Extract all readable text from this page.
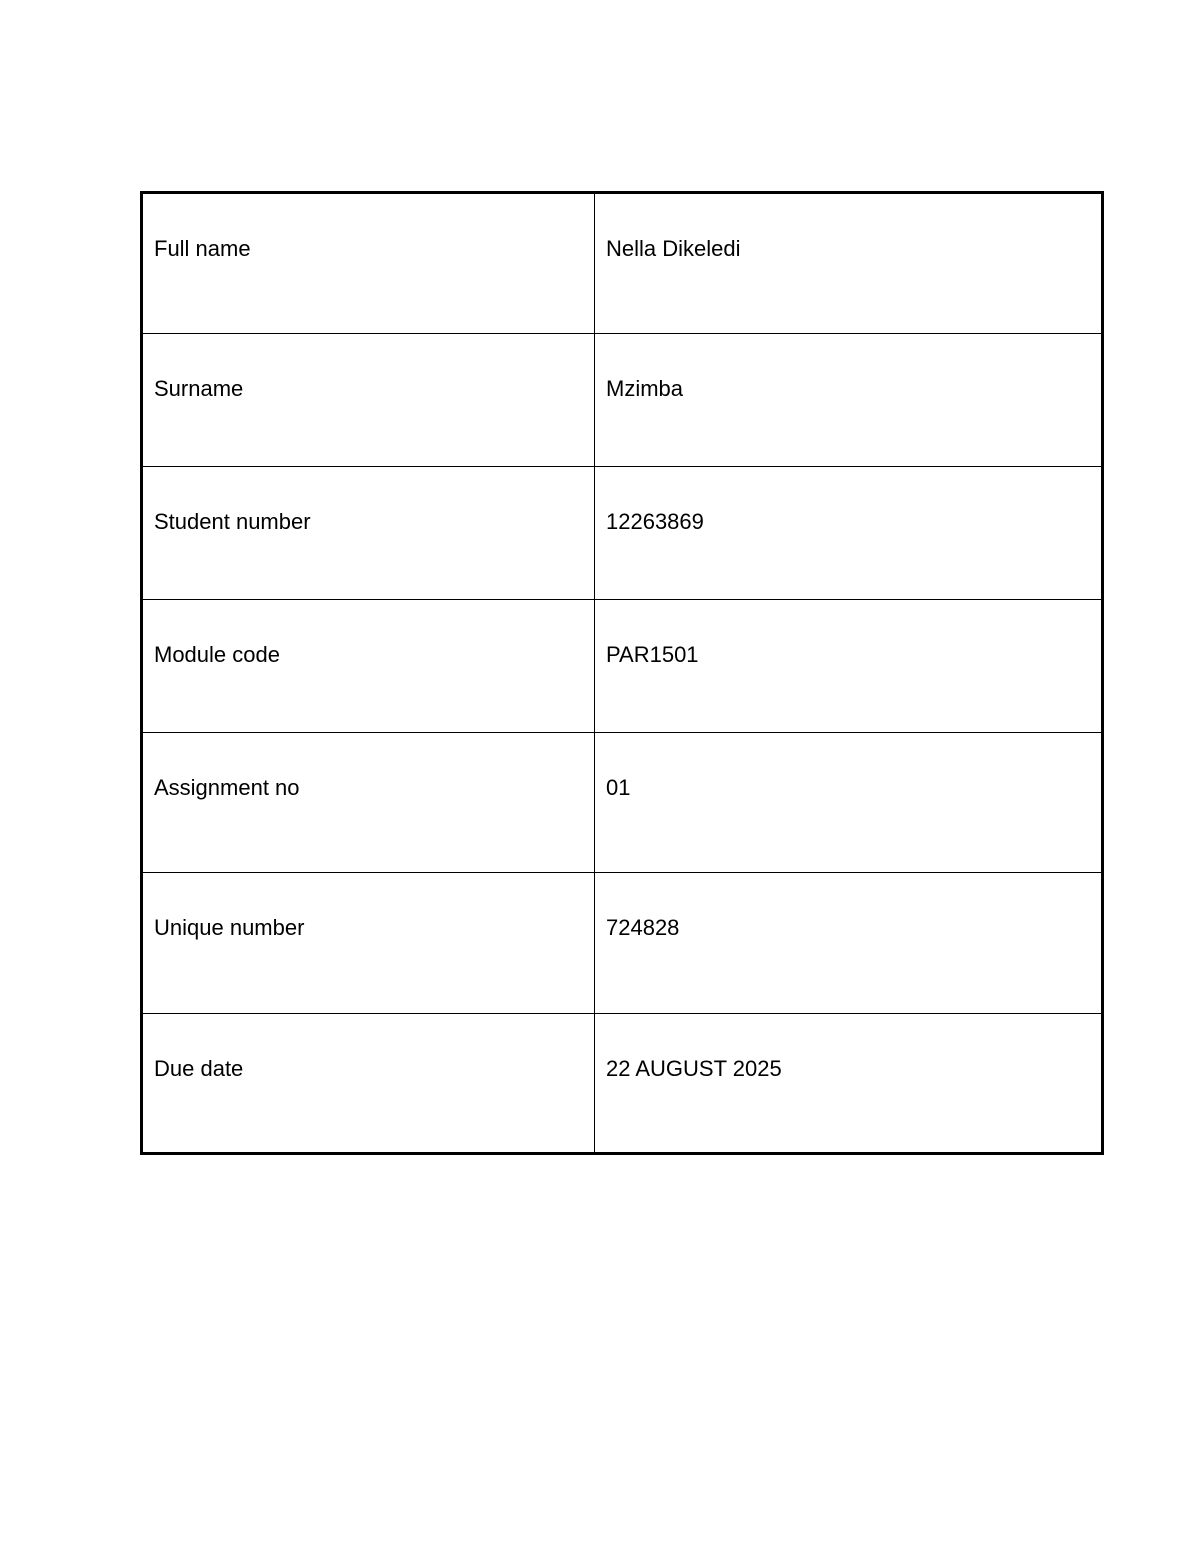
Full name	Nella Dikeledi
Surname	Mzimba
Student number	12263869
Module code	PAR1501
Assignment no	01
Unique number	724828
Due date	22 AUGUST 2025
